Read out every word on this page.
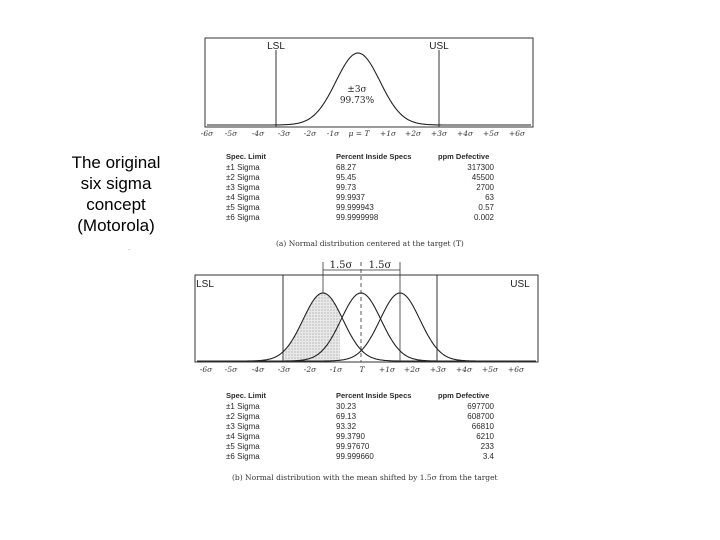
The original
six sigma
concept
(Motorola)
LSL	USL
±3σ
99.73%
-6σ -5σ -4σ -3σ -2σ -1σ μ = T +1σ +2σ +3σ +4σ +5σ +6σ
1.5σ 1.5σ
LSL	USL
-6σ -5σ -4σ -3σ -2σ -1σ T +1σ +2σ +3σ +4σ +5σ +6σ
Spec. Limit	Percent Inside Specs	ppm Defective
±1 Sigma	68.27	317300
±2 Sigma	95.45	45500
±3 Sigma	99.73	2700
±4 Sigma	99.9937	63
±5 Sigma	99.999943	0.57
±6 Sigma	99.9999998	0.002
(a) Normal distribution centered at the target (T)
.
Spec. Limit	Percent Inside Specs	ppm Defective
±1 Sigma	30.23	697700
±2 Sigma	69.13	608700
±3 Sigma	93.32	66810
±4 Sigma	99.3790	6210
±5 Sigma	99.97670	233
±6 Sigma	99.999660	3.4
(b) Normal distribution with the mean shifted by 1.5σ from the target
